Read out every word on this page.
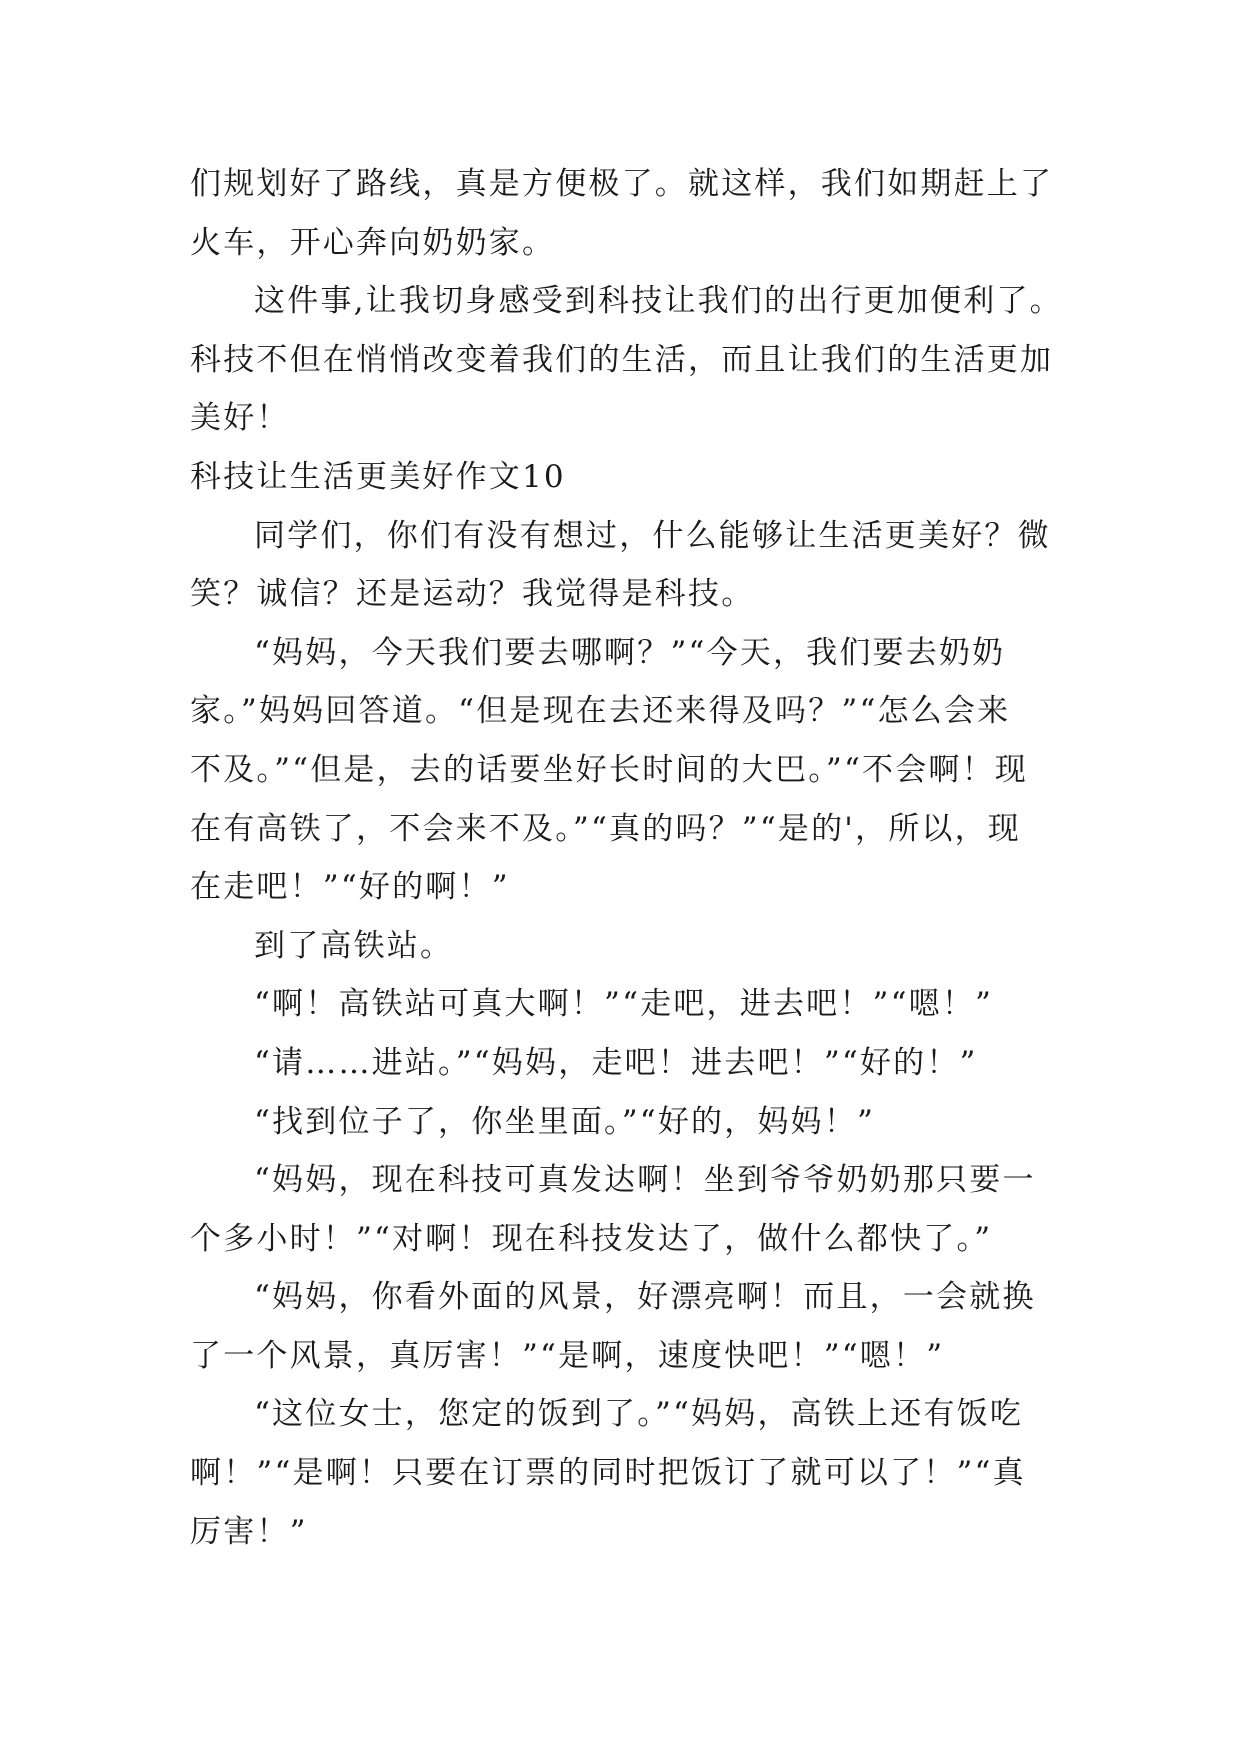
们规划好了路线，真是方便极了。就这样，我们如期赶上了
火车，开心奔向奶奶家。
这件事,让我切身感受到科技让我们的出行更加便利了。
科技不但在悄悄改变着我们的生活，而且让我们的生活更加
美好！
科技让生活更美好作文10
同学们，你们有没有想过，什么能够让生活更美好？微
笑？诚信？还是运动？我觉得是科技。
“妈妈，今天我们要去哪啊？”“今天，我们要去奶奶
家。”妈妈回答道。“但是现在去还来得及吗？”“怎么会来
不及。”“但是，去的话要坐好长时间的大巴。”“不会啊！现
在有高铁了，不会来不及。”“真的吗？”“是的'，所以，现
在走吧！”“好的啊！”
到了高铁站。
“啊！高铁站可真大啊！”“走吧，进去吧！”“嗯！”
“请……进站。”“妈妈，走吧！进去吧！”“好的！”
“找到位子了，你坐里面。”“好的，妈妈！”
“妈妈，现在科技可真发达啊！坐到爷爷奶奶那只要一
个多小时！”“对啊！现在科技发达了，做什么都快了。”
“妈妈，你看外面的风景，好漂亮啊！而且，一会就换
了一个风景，真厉害！”“是啊，速度快吧！”“嗯！”
“这位女士，您定的饭到了。”“妈妈，高铁上还有饭吃
啊！”“是啊！只要在订票的同时把饭订了就可以了！”“真
厉害！”
